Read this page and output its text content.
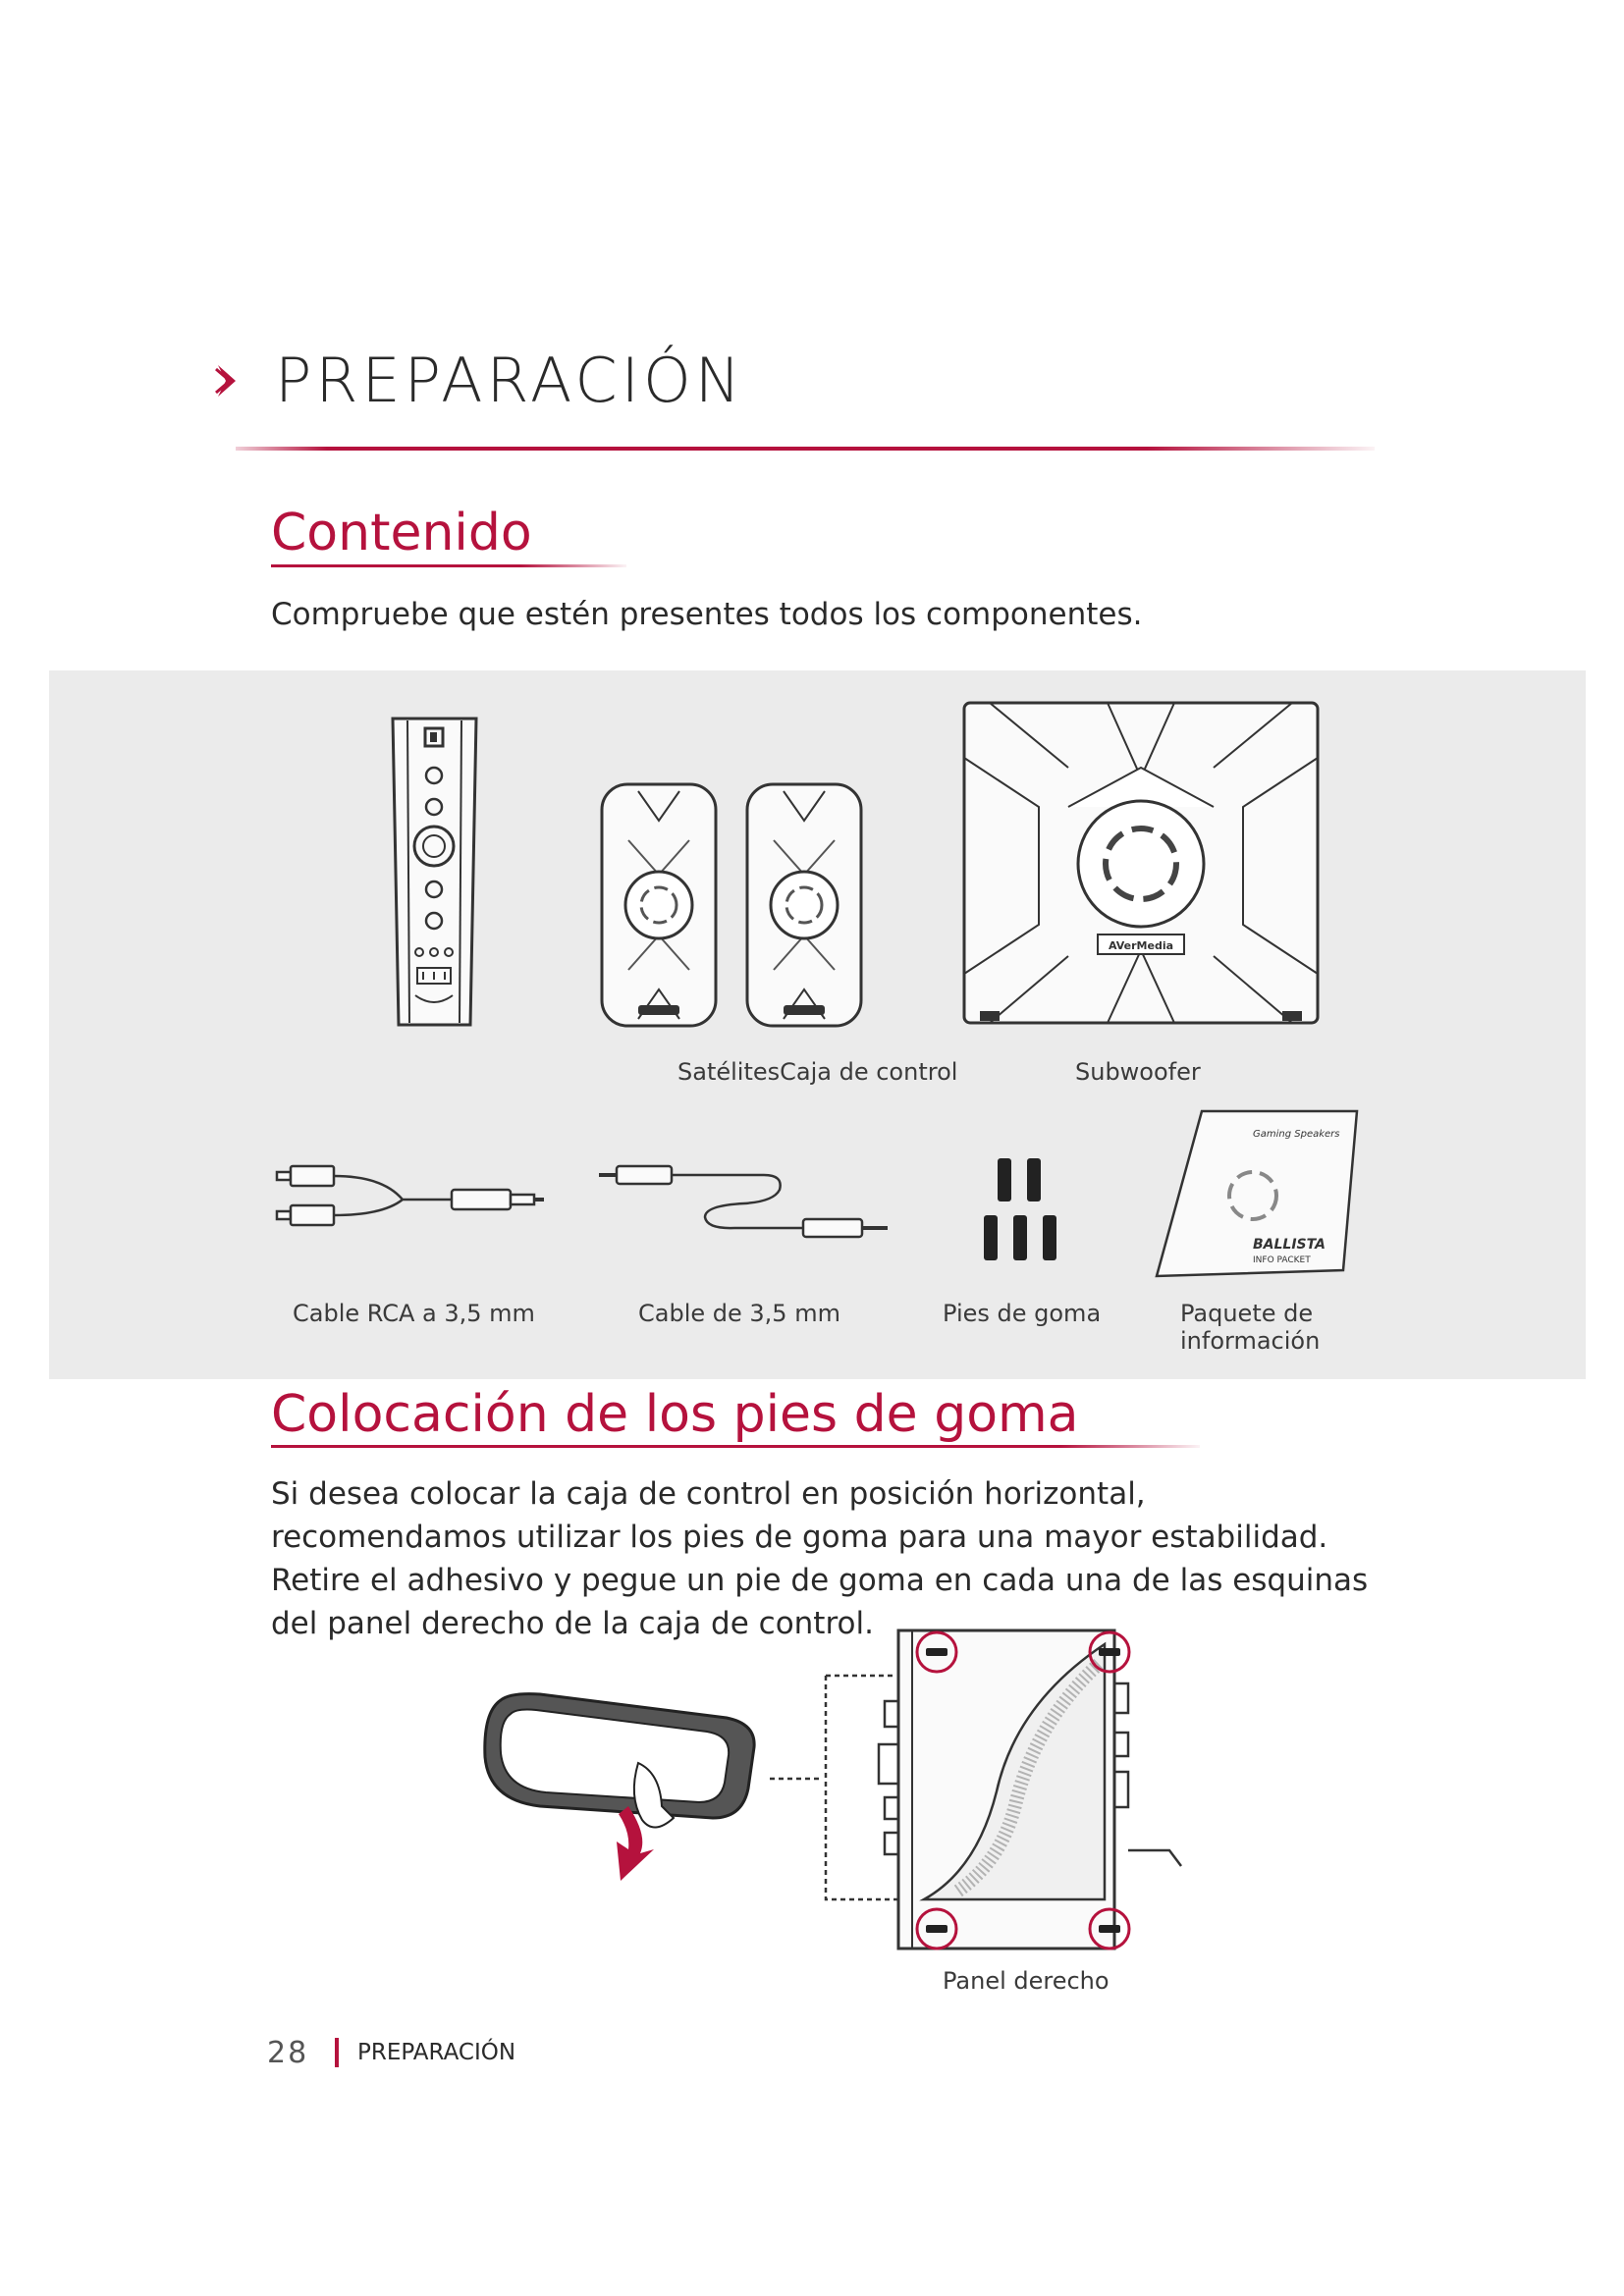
PREPARACIÓN
Contenido
Compruebe que estén presentes todos los componentes.
AVerMedia
SatélitesCaja de control	Subwoofer
Gaming Speakers
BALLISTA
INFO PACKET
Cable RCA a 3,5 mm	Cable de 3,5 mm	Pies de goma	Paquete de
información
Colocación de los pies de goma
Si desea colocar la caja de control en posición horizontal, recomendamos utilizar los pies de goma para una mayor estabilidad. Retire el adhesivo y pegue un pie de goma en cada una de las esquinas del panel derecho de la caja de control.
Panel derecho
28 PREPARACIÓN
